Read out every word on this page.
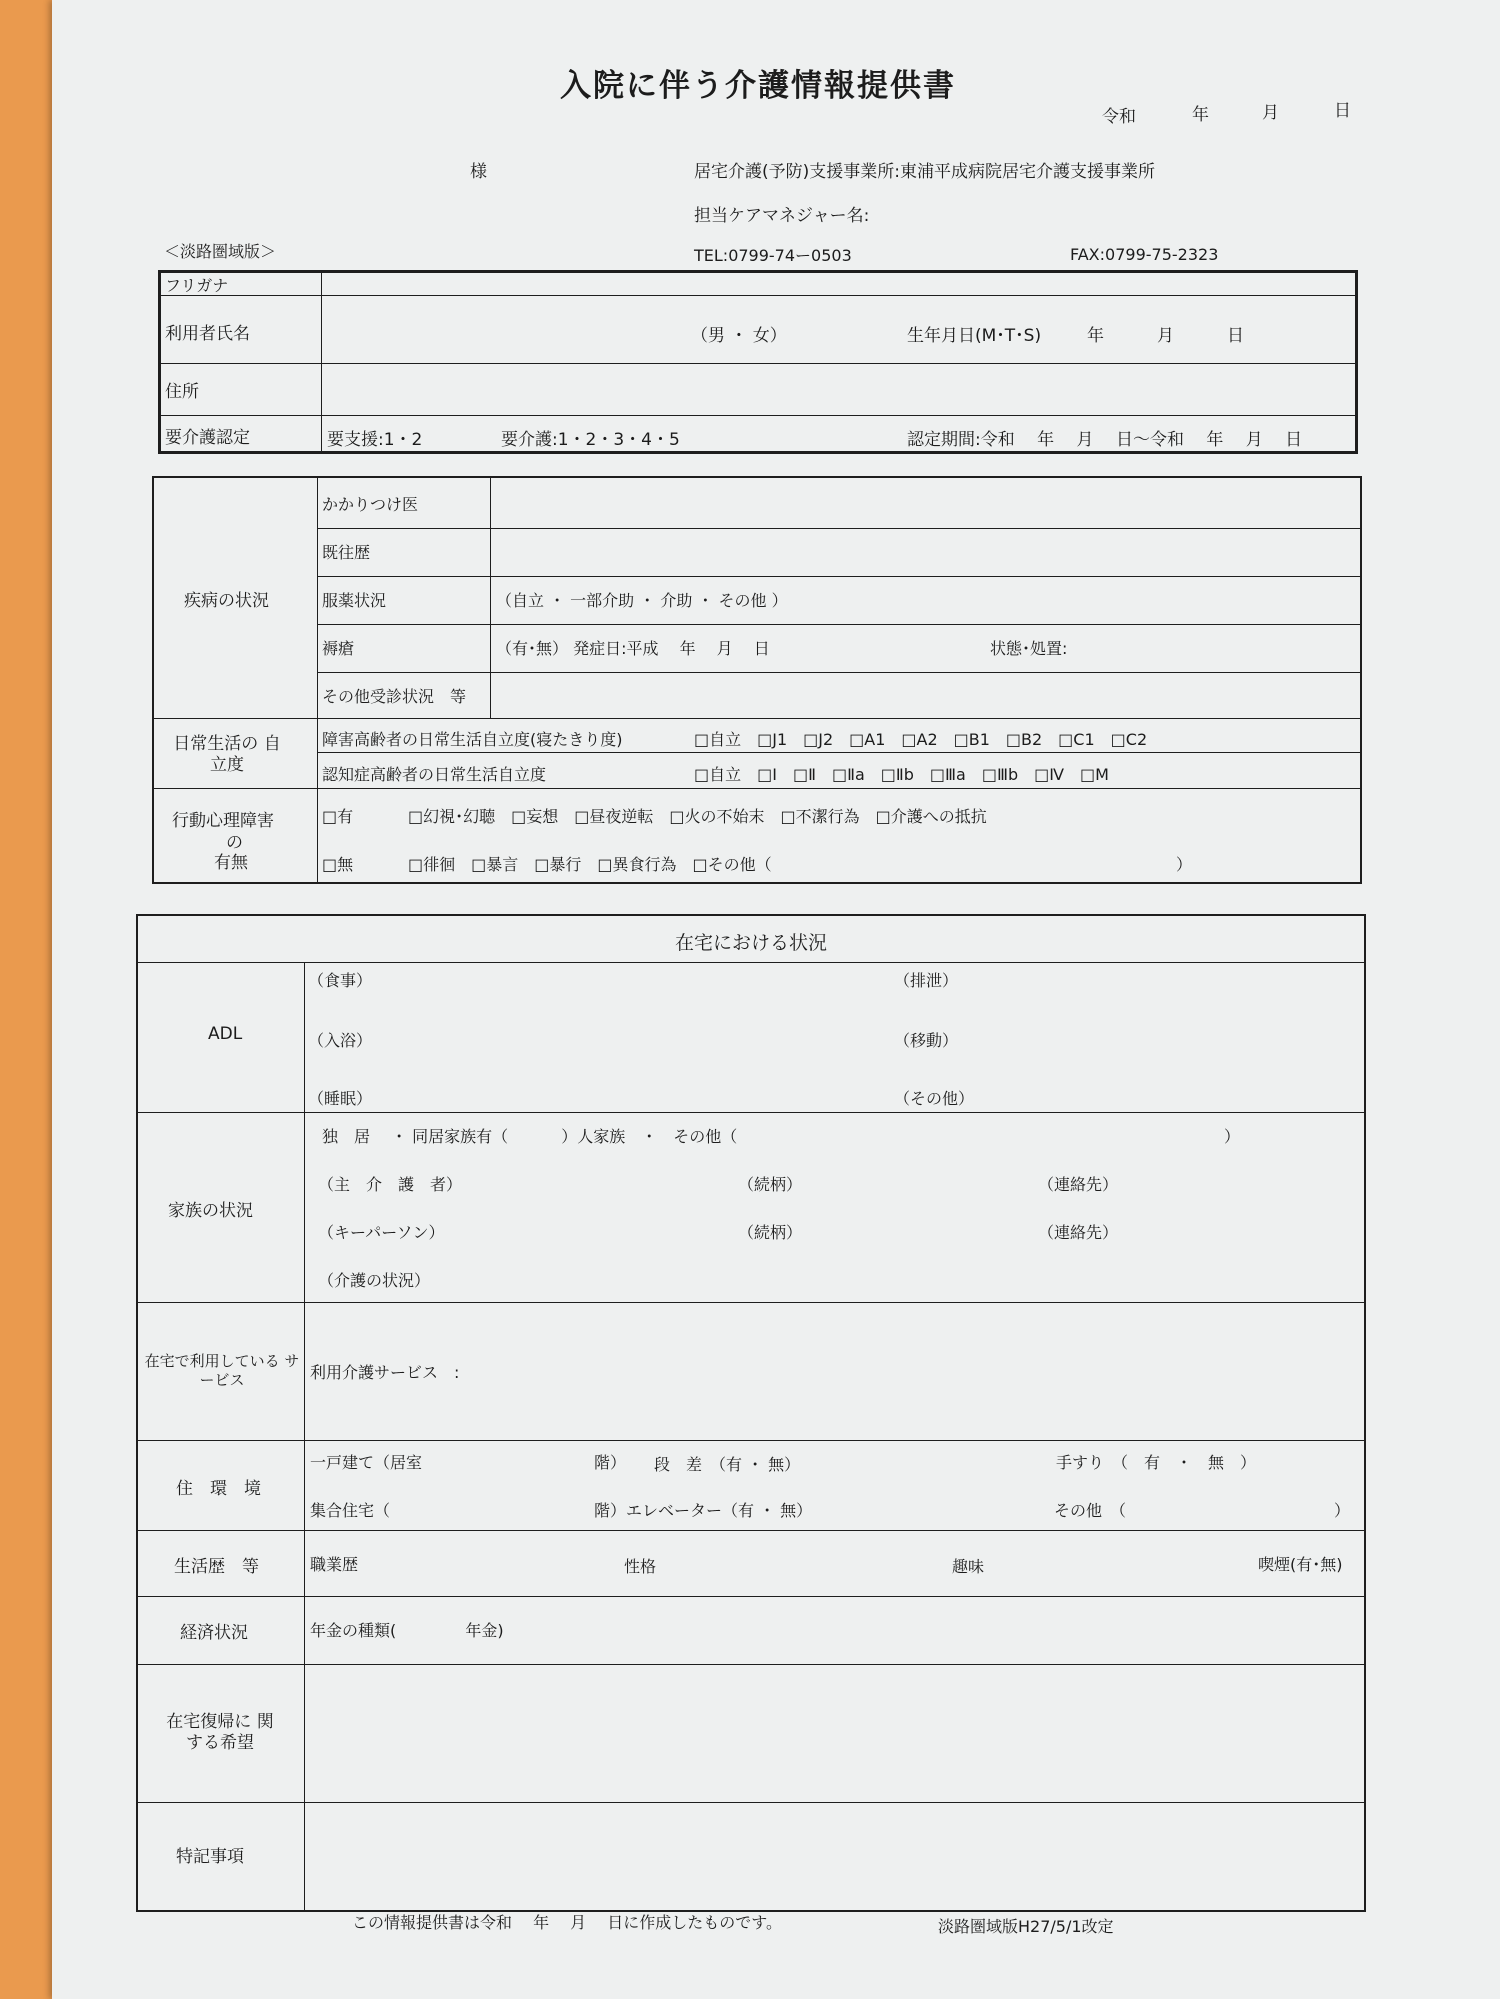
入院に伴う介護情報提供書
令和	年	月	日
様	居宅介護(予防)支援事業所:東浦平成病院居宅介護支援事業所
担当ケアマネジャー名:
＜淡路圏域版＞	TEL:0799-74ー0503	FAX:0799-75-2323
フリガナ
利用者氏名	（男 ・ 女）	生年月日(M･T･S)	年	月	日
住所
要介護認定	要支援:1・2	要介護:1・2・3・4・5	認定期間:令和　 年　 月　 日～令和　 年　 月　 日
疾病の状況
かかりつけ医
既往歴
服薬状況	（自立 ・ 一部介助 ・ 介助 ・ その他 ）
褥瘡	（有･無） 発症日:平成　 年　 月　 日	状態･処置:
その他受診状況　等
日常生活の 自立度
障害高齢者の日常生活自立度(寝たきり度)	□自立　□J1　□J2　□A1　□A2　□B1　□B2　□C1　□C2
認知症高齢者の日常生活自立度	□自立　□Ⅰ　□Ⅱ　□Ⅱa　□Ⅱb　□Ⅲa　□Ⅲb　□Ⅳ　□M
行動心理障害
の
有無
□有	□幻視･幻聴　□妄想　□昼夜逆転　□火の不始末　□不潔行為　□介護への抵抗
□無	□徘徊　□暴言　□暴行　□異食行為　□その他（	）
在宅における状況
ADL
（食事）	（排泄）
（入浴）	（移動）
（睡眠）	（その他）
家族の状況
独　居　 ・ 同居家族有（　　　 ）人家族　・　その他（	）
（主　介　護　者）	（続柄）	（連絡先）
（キーパーソン）	（続柄）	（連絡先）
（介護の状況）
在宅で利用している サービス	利用介護サービス　:
住　環　境
一戸建て（居室	階） 段　差　（有 ・ 無）	手すり　（　有　・　無　）
集合住宅（	階）エレベーター（有 ・ 無）	その他　（	）
生活歴　等	職業歴	性格	趣味	喫煙(有･無)
経済状況	年金の種類(　　　　 年金)
在宅復帰に 関する希望
特記事項
この情報提供書は令和　 年　 月　 日に作成したものです。	淡路圏域版H27/5/1改定
